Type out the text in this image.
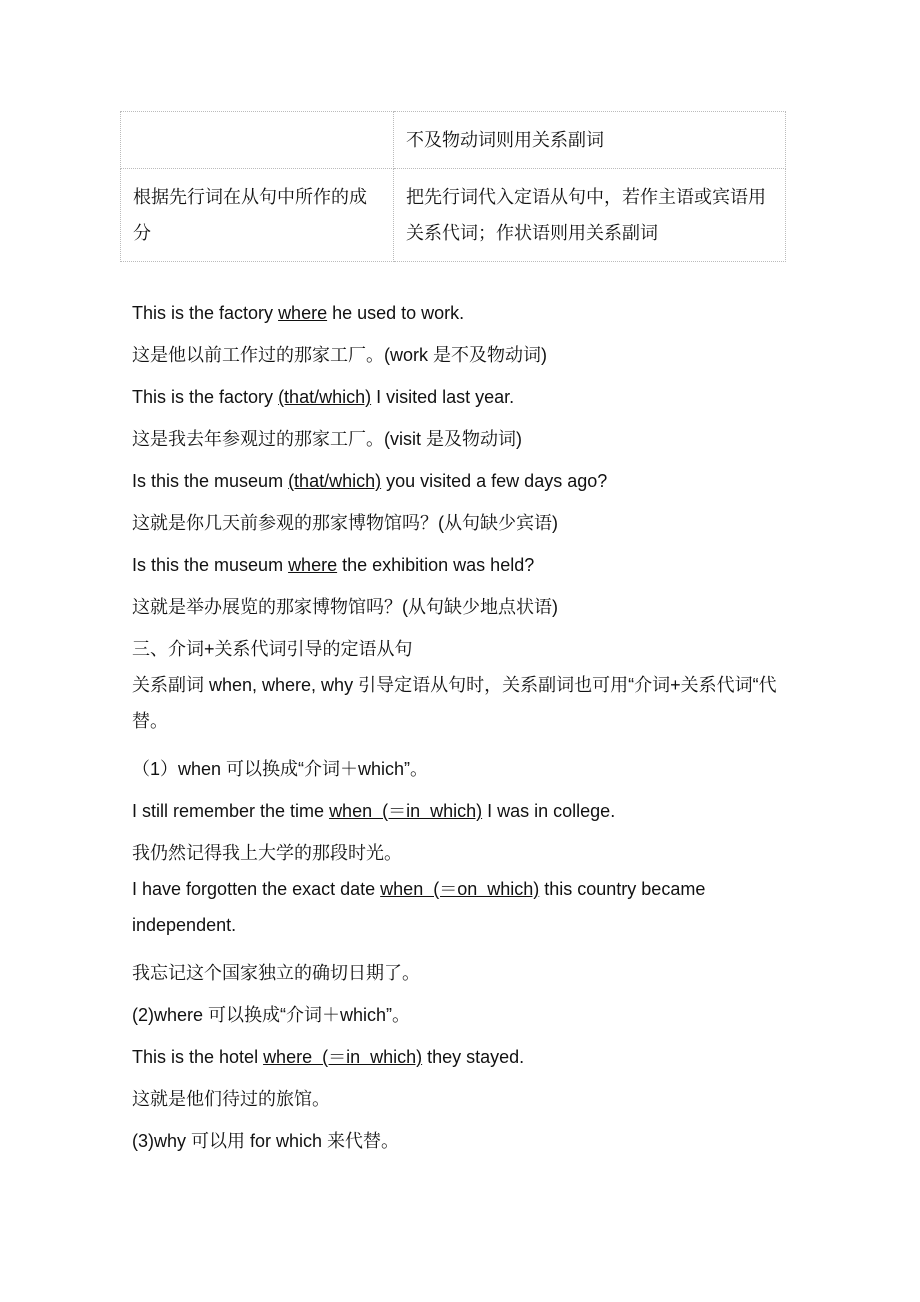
	不及物动词则用关系副词
根据先行词在从句中所作的成分	把先行词代入定语从句中，若作主语或宾语用关系代词；作状语则用关系副词
This is the factory where he used to work.
这是他以前工作过的那家工厂。(work 是不及物动词)
This is the factory (that/which) I visited last year.
这是我去年参观过的那家工厂。(visit 是及物动词)
Is this the museum (that/which) you visited a few days ago?
这就是你几天前参观的那家博物馆吗？(从句缺少宾语)
Is this the museum where the exhibition was held?
这就是举办展览的那家博物馆吗？(从句缺少地点状语)
三、介词+关系代词引导的定语从句
关系副词 when, where, why 引导定语从句时，关系副词也可用“介词+关系代词“代替。
（1）when 可以换成“介词＋which”。
I still remember the time when  (＝in  which) I was in college.
我仍然记得我上大学的那段时光。
I have forgotten the exact date when  (＝on  which) this country became independent.
我忘记这个国家独立的确切日期了。
(2)where 可以换成“介词＋which”。
This is the hotel where  (＝in  which) they stayed.
这就是他们待过的旅馆。
(3)why 可以用 for which 来代替。
